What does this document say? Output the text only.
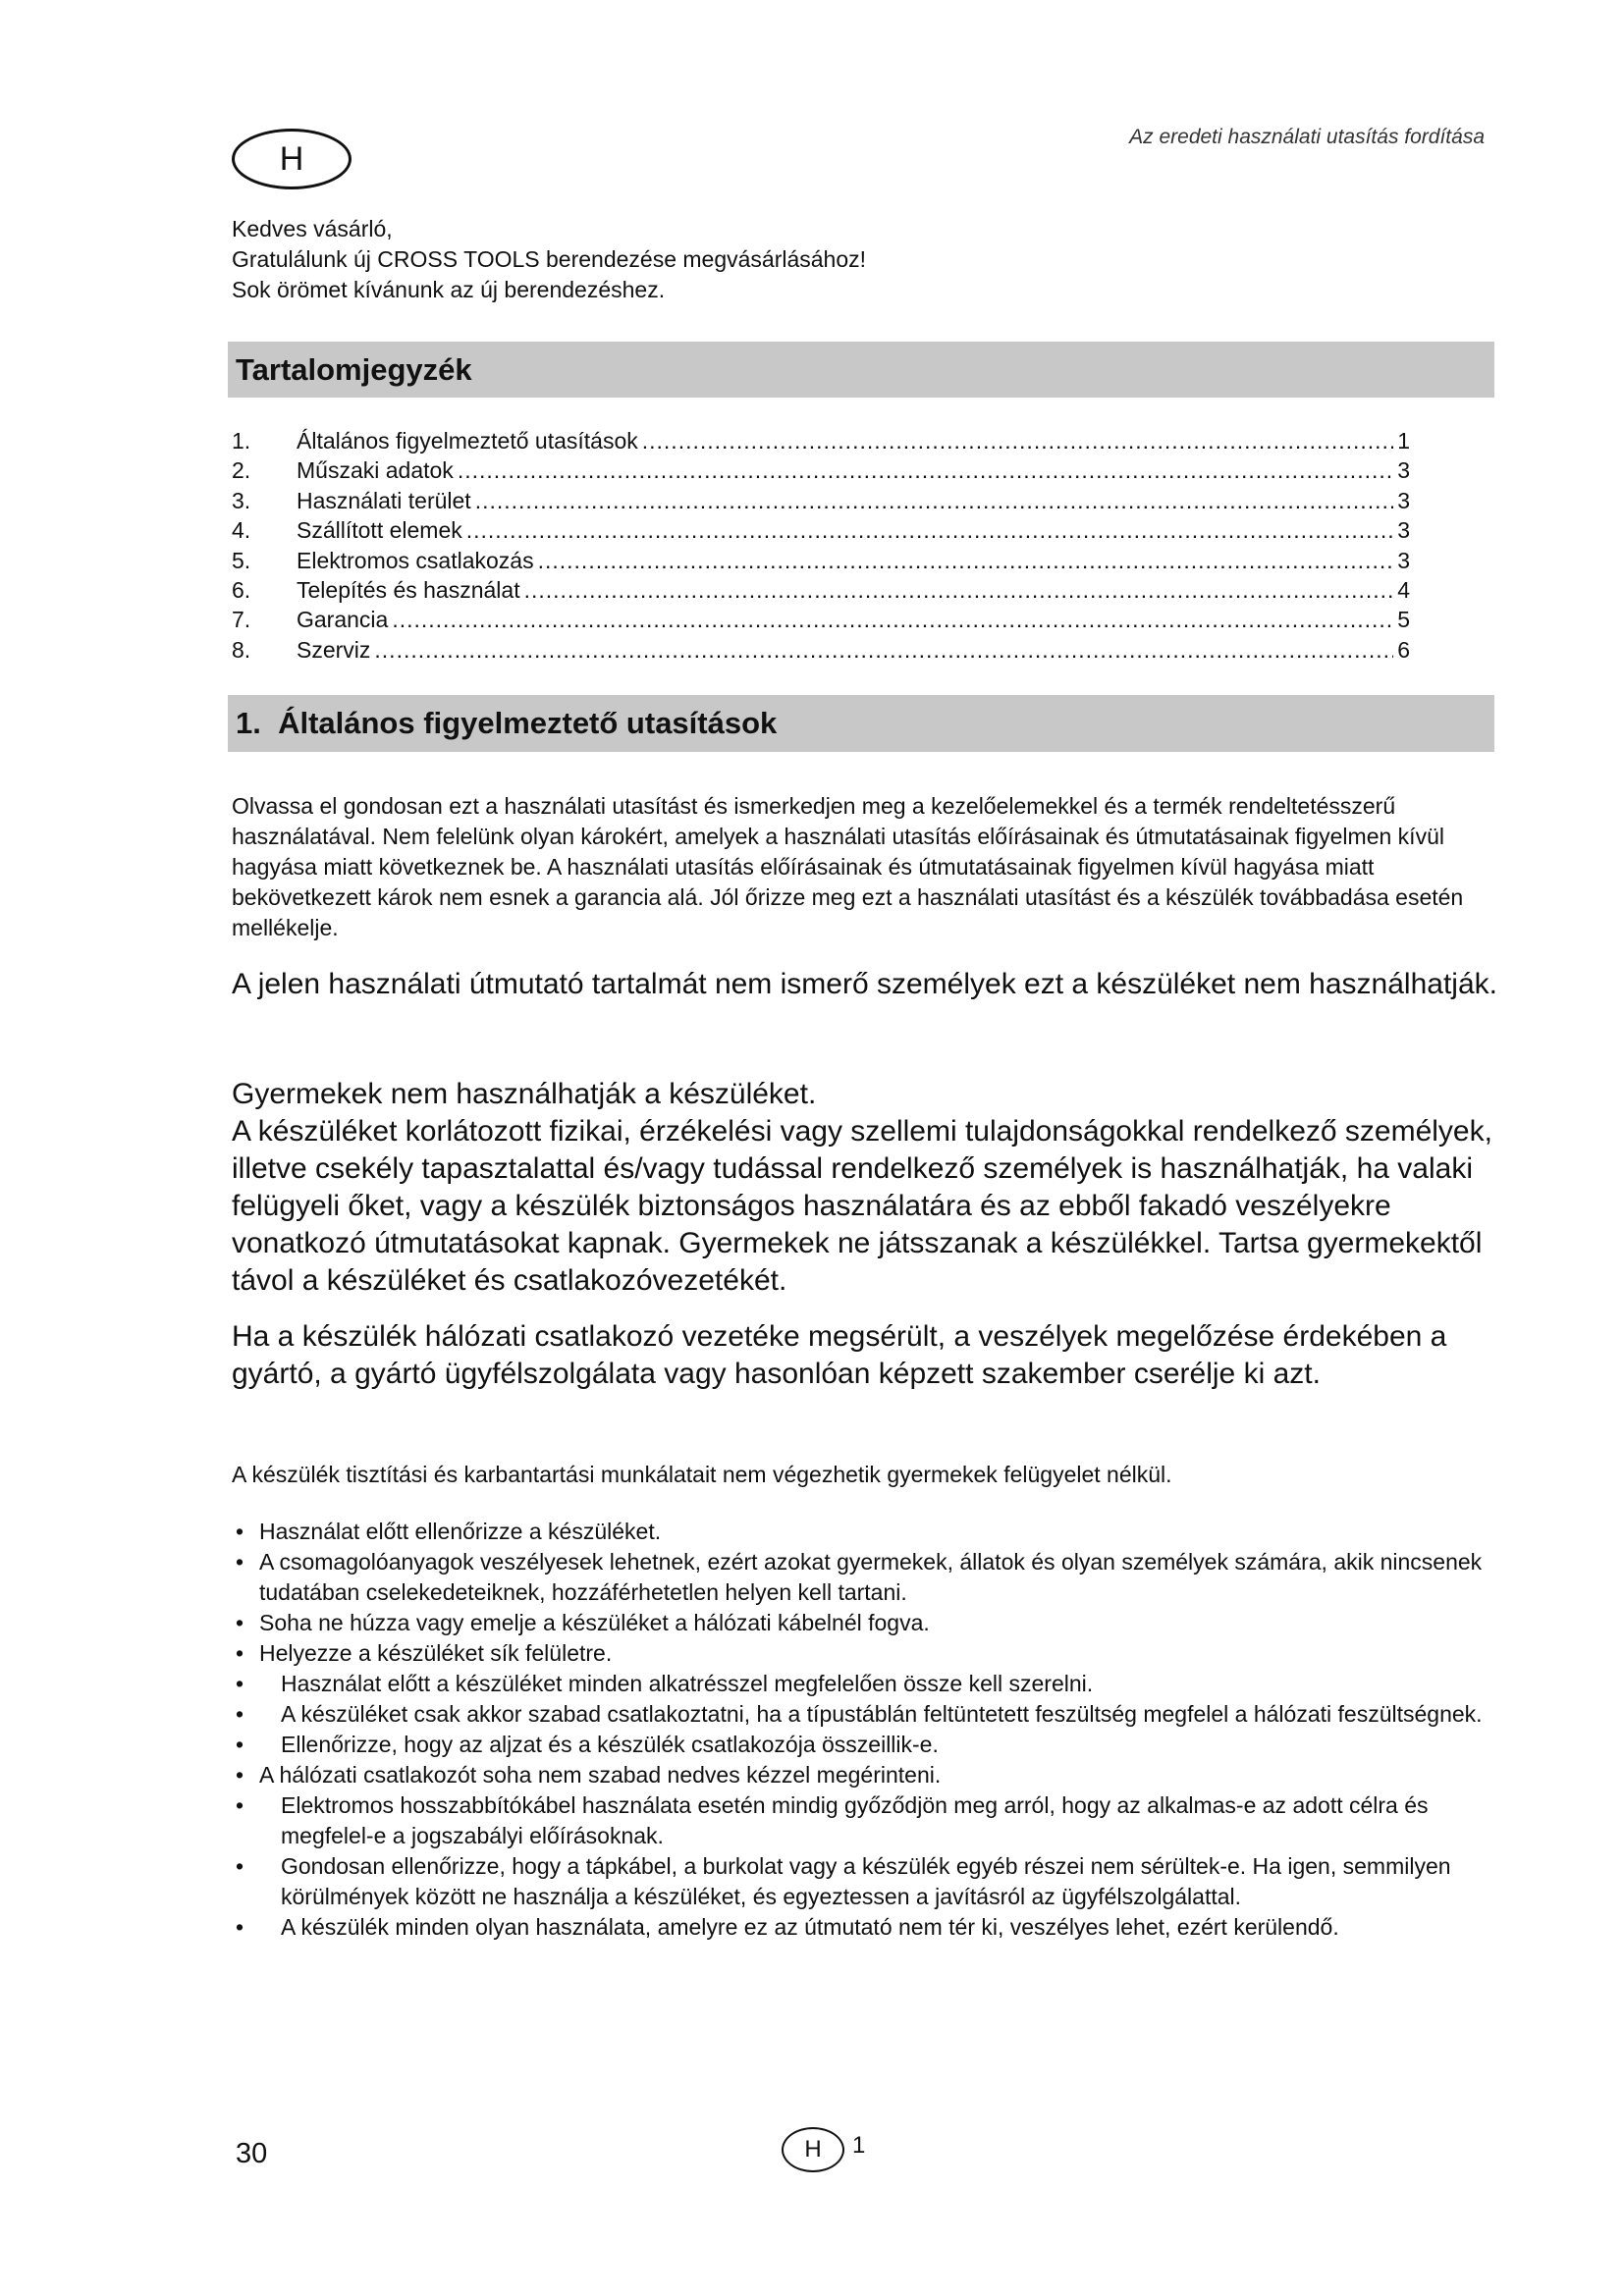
H
Az eredeti használati utasítás fordítása
Kedves vásárló,
Gratulálunk új CROSS TOOLS berendezése megvásárlásához!
Sok örömet kívánunk az új berendezéshez.
Tartalomjegyzék
1.	Általános figyelmeztető utasítások .....	1
2.	Műszaki adatok .....	3
3.	Használati terület .....	3
4.	Szállított elemek .....	3
5.	Elektromos csatlakozás .....	3
6.	Telepítés és használat .....	4
7.	Garancia .....	5
8.	Szerviz .....	6
1.  Általános figyelmeztető utasítások
Olvassa el gondosan ezt a használati utasítást és ismerkedjen meg a kezelőelemekkel és a termék rendeltetésszerű használatával. Nem felelünk olyan károkért, amelyek a használati utasítás előírásainak és útmutatásainak figyelmen kívül hagyása miatt következnek be. A használati utasítás előírásainak és útmutatásainak figyelmen kívül hagyása miatt bekövetkezett károk nem esnek a garancia alá. Jól őrizze meg ezt a használati utasítást és a készülék továbbadása esetén mellékelje.
A jelen használati útmutató tartalmát nem ismerő személyek ezt a készüléket nem használhatják.
Gyermekek nem használhatják a készüléket.
A készüléket korlátozott fizikai, érzékelési vagy szellemi tulajdonságokkal rendelkező személyek, illetve csekély tapasztalattal és/vagy tudással rendelkező személyek is használhatják, ha valaki felügyeli őket, vagy a készülék biztonságos használatára és az ebből fakadó veszélyekre vonatkozó útmutatásokat kapnak. Gyermekek ne játsszanak a készülékkel. Tartsa gyermekektől távol a készüléket és csatlakozóvezetékét.
Ha a készülék hálózati csatlakozó vezetéke megsérült, a veszélyek megelőzése érdekében a gyártó, a gyártó ügyfélszolgálata vagy hasonlóan képzett szakember cserélje ki azt.
A készülék tisztítási és karbantartási munkálatait nem végezhetik gyermekek felügyelet nélkül.
• Használat előtt ellenőrizze a készüléket.
• A csomagolóanyagok veszélyesek lehetnek, ezért azokat gyermekek, állatok és olyan személyek számára, akik nincsenek tudatában cselekedeteiknek, hozzáférhetetlen helyen kell tartani.
• Soha ne húzza vagy emelje a készüléket a hálózati kábelnél fogva.
• Helyezze a készüléket sík felületre.
• Használat előtt a készüléket minden alkatrésszel megfelelően össze kell szerelni.
• A készüléket csak akkor szabad csatlakoztatni, ha a típustáblán feltüntetett feszültség megfelel a hálózati feszültségnek.
• Ellenőrizze, hogy az aljzat és a készülék csatlakozója összeillik-e.
• A hálózati csatlakozót soha nem szabad nedves kézzel megérinteni.
• Elektromos hosszabbítókábel használata esetén mindig győződjön meg arról, hogy az alkalmas-e az adott célra és megfelel-e a jogszabályi előírásoknak.
• Gondosan ellenőrizze, hogy a tápkábel, a burkolat vagy a készülék egyéb részei nem sérültek-e. Ha igen, semmilyen körülmények között ne használja a készüléket, és egyeztessen a javításról az ügyfélszolgálattal.
• A készülék minden olyan használata, amelyre ez az útmutató nem tér ki, veszélyes lehet, ezért kerülendő.
30	H 1
